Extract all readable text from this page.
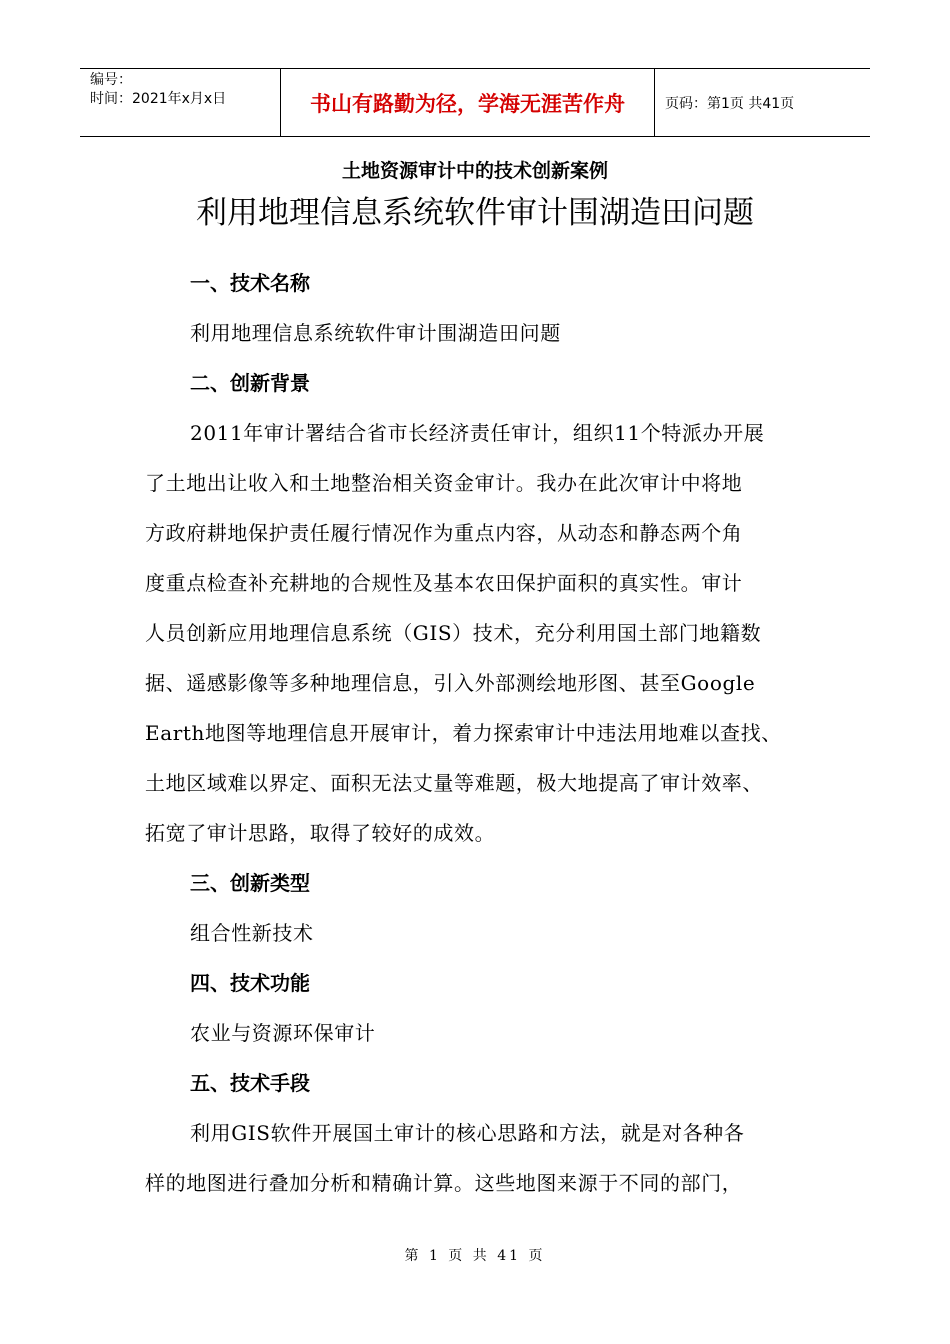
编号：
时间：2021年x月x日	书山有路勤为径，学海无涯苦作舟	页码：第1页 共41页
土地资源审计中的技术创新案例
利用地理信息系统软件审计围湖造田问题
一、技术名称
利用地理信息系统软件审计围湖造田问题
二、创新背景
2011年审计署结合省市长经济责任审计，组织11个特派办开展
了土地出让收入和土地整治相关资金审计。我办在此次审计中将地
方政府耕地保护责任履行情况作为重点内容，从动态和静态两个角
度重点检查补充耕地的合规性及基本农田保护面积的真实性。审计
人员创新应用地理信息系统（GIS）技术，充分利用国土部门地籍数
据、遥感影像等多种地理信息，引入外部测绘地形图、甚至Google
Earth地图等地理信息开展审计，着力探索审计中违法用地难以查找、
土地区域难以界定、面积无法丈量等难题，极大地提高了审计效率、
拓宽了审计思路，取得了较好的成效。
三、创新类型
组合性新技术
四、技术功能
农业与资源环保审计
五、技术手段
利用GIS软件开展国土审计的核心思路和方法，就是对各种各
样的地图进行叠加分析和精确计算。这些地图来源于不同的部门，
第 1 页 共 41 页
